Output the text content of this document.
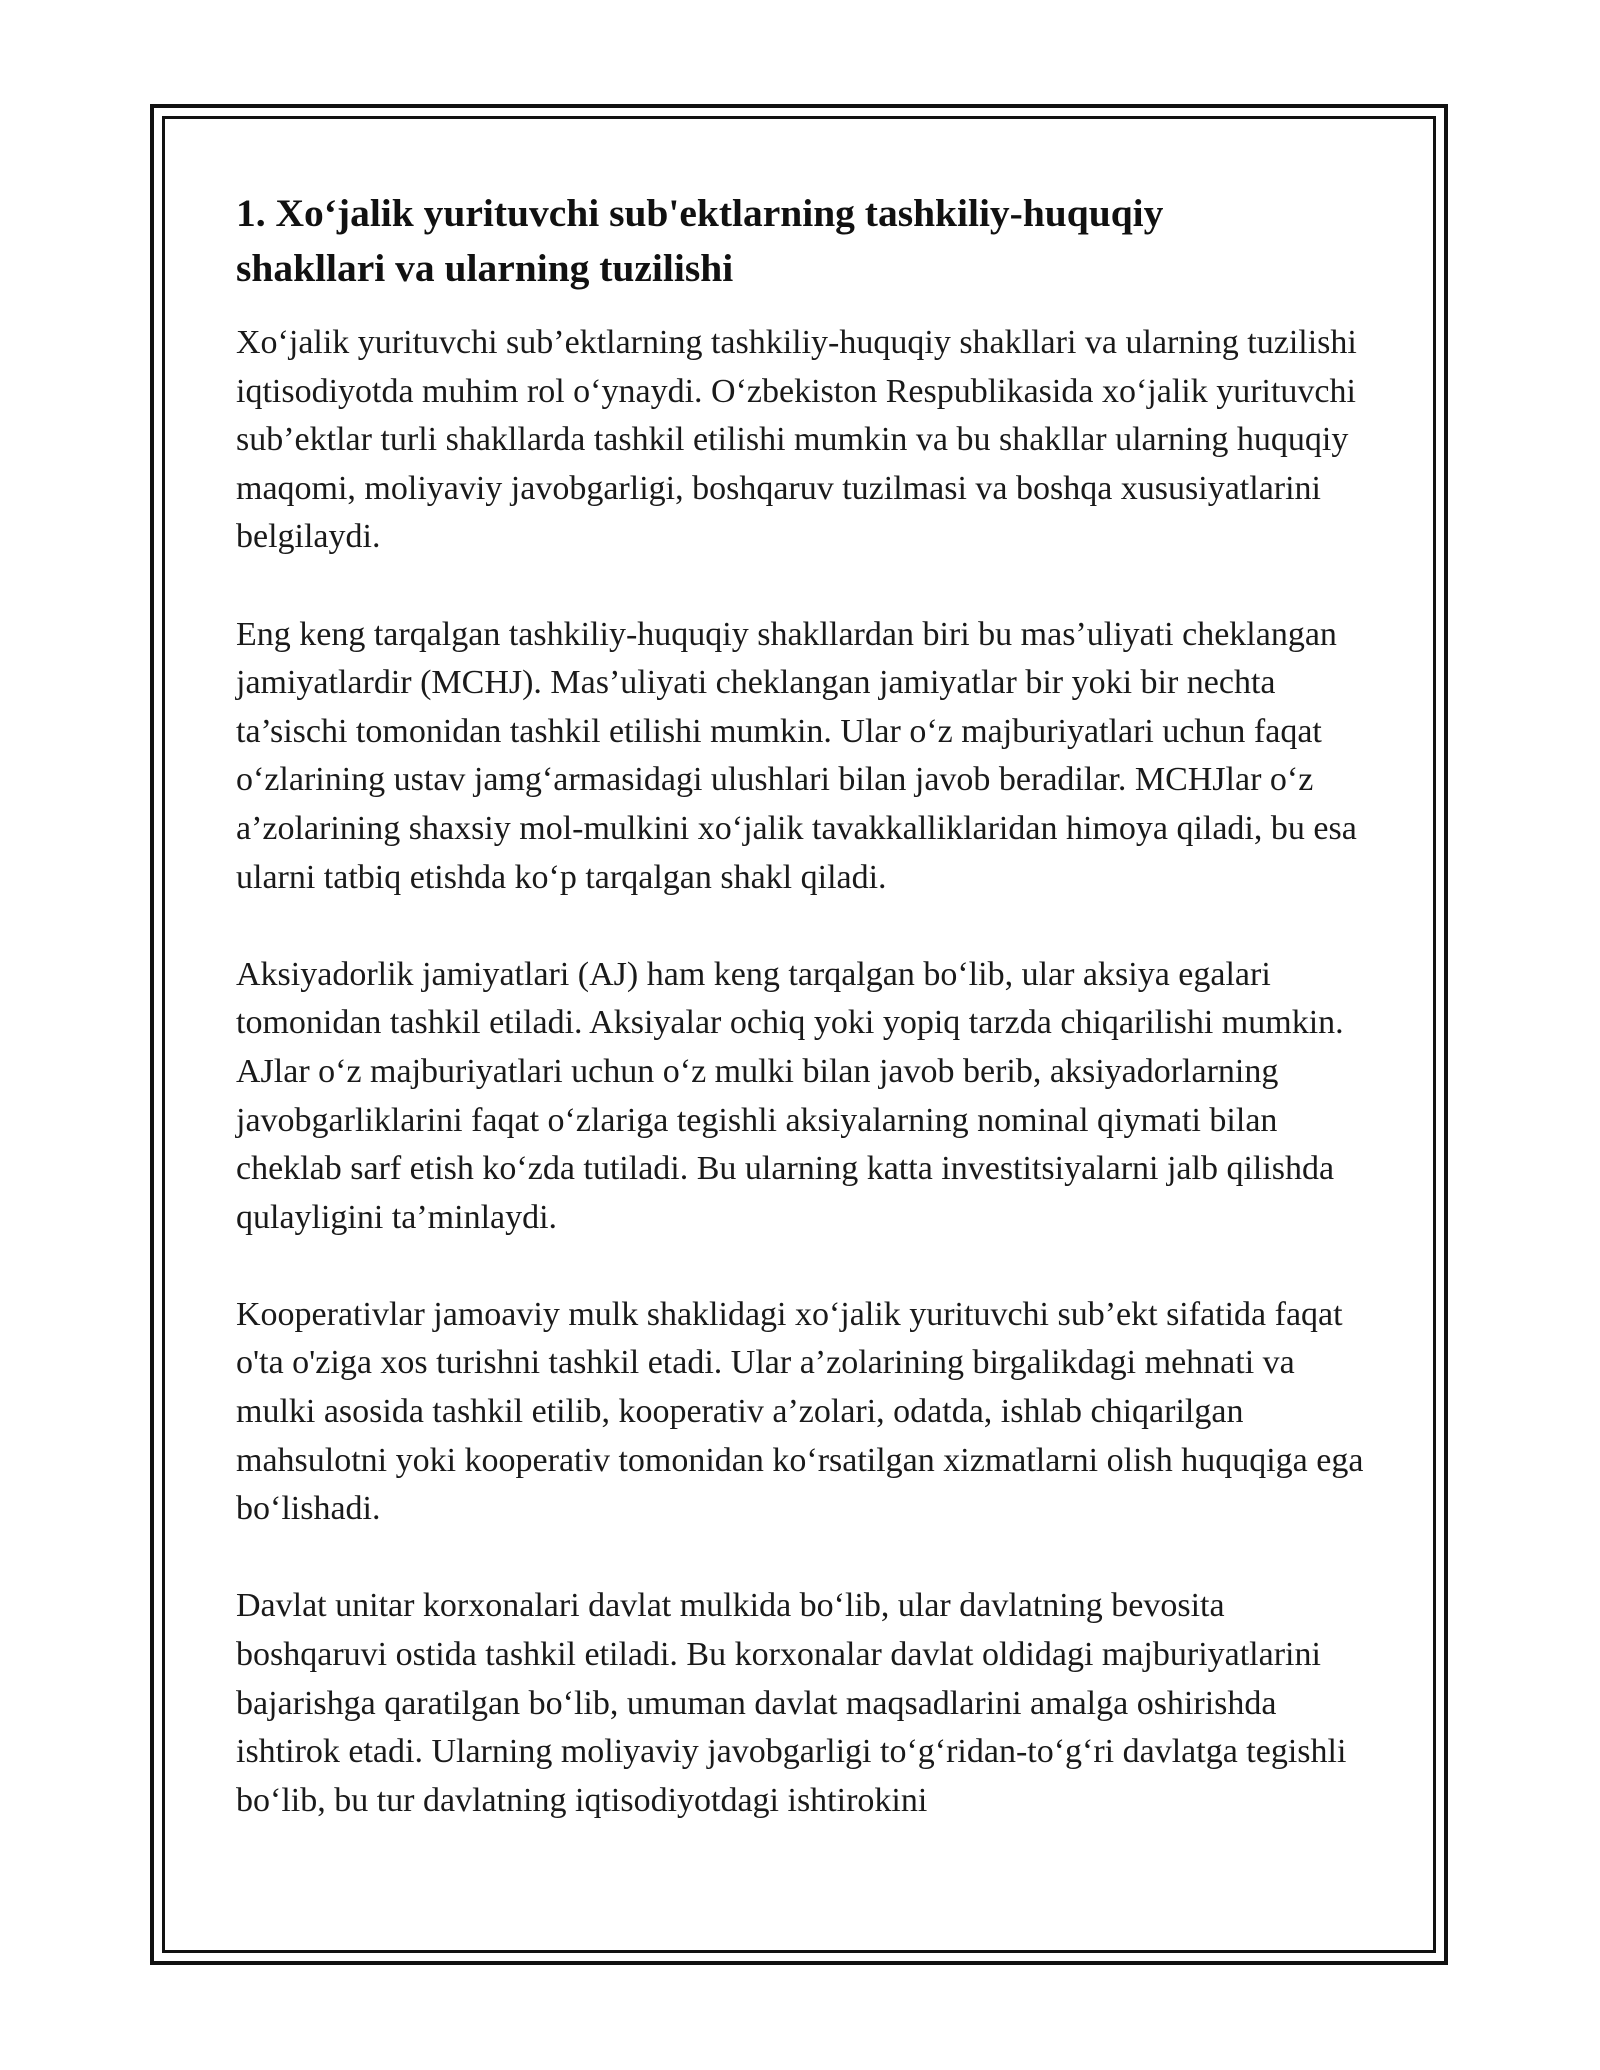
1. Xo‘jalik yurituvchi sub'ektlarning tashkiliy-huquqiy
shakllari va ularning tuzilishi

Xo‘jalik yurituvchi sub’ektlarning tashkiliy-huquqiy shakllari va ularning tuzilishi iqtisodiyotda muhim rol o‘ynaydi. O‘zbekiston Respublikasida xo‘jalik yurituvchi sub’ektlar turli shakllarda tashkil etilishi mumkin va bu shakllar ularning huquqiy maqomi, moliyaviy javobgarligi, boshqaruv tuzilmasi va boshqa xususiyatlarini belgilaydi.

Eng keng tarqalgan tashkiliy-huquqiy shakllardan biri bu mas’uliyati cheklangan jamiyatlardir (MCHJ). Mas’uliyati cheklangan jamiyatlar bir yoki bir nechta ta’sischi tomonidan tashkil etilishi mumkin. Ular o‘z majburiyatlari uchun faqat o‘zlarining ustav jamg‘armasidagi ulushlari bilan javob beradilar. MCHJlar o‘z a’zolarining shaxsiy mol-mulkini xo‘jalik tavakkalliklaridan himoya qiladi, bu esa ularni tatbiq etishda ko‘p tarqalgan shakl qiladi.

Aksiyadorlik jamiyatlari (AJ) ham keng tarqalgan bo‘lib, ular aksiya egalari tomonidan tashkil etiladi. Aksiyalar ochiq yoki yopiq tarzda chiqarilishi mumkin. AJlar o‘z majburiyatlari uchun o‘z mulki bilan javob berib, aksiyadorlarning javobgarliklarini faqat o‘zlariga tegishli aksiyalarning nominal qiymati bilan cheklab sarf etish ko‘zda tutiladi. Bu ularning katta investitsiyalarni jalb qilishda qulayligini ta’minlaydi.

Kooperativlar jamoaviy mulk shaklidagi xo‘jalik yurituvchi sub’ekt sifatida faqat o'ta o'ziga xos turishni tashkil etadi. Ular a’zolarining birgalikdagi mehnati va mulki asosida tashkil etilib, kooperativ a’zolari, odatda, ishlab chiqarilgan mahsulotni yoki kooperativ tomonidan ko‘rsatilgan xizmatlarni olish huquqiga ega bo‘lishadi.

Davlat unitar korxonalari davlat mulkida bo‘lib, ular davlatning bevosita boshqaruvi ostida tashkil etiladi. Bu korxonalar davlat oldidagi majburiyatlarini bajarishga qaratilgan bo‘lib, umuman davlat maqsadlarini amalga oshirishda ishtirok etadi. Ularning moliyaviy javobgarligi to‘g‘ridan-to‘g‘ri davlatga tegishli bo‘lib, bu tur davlatning iqtisodiyotdagi ishtirokini
